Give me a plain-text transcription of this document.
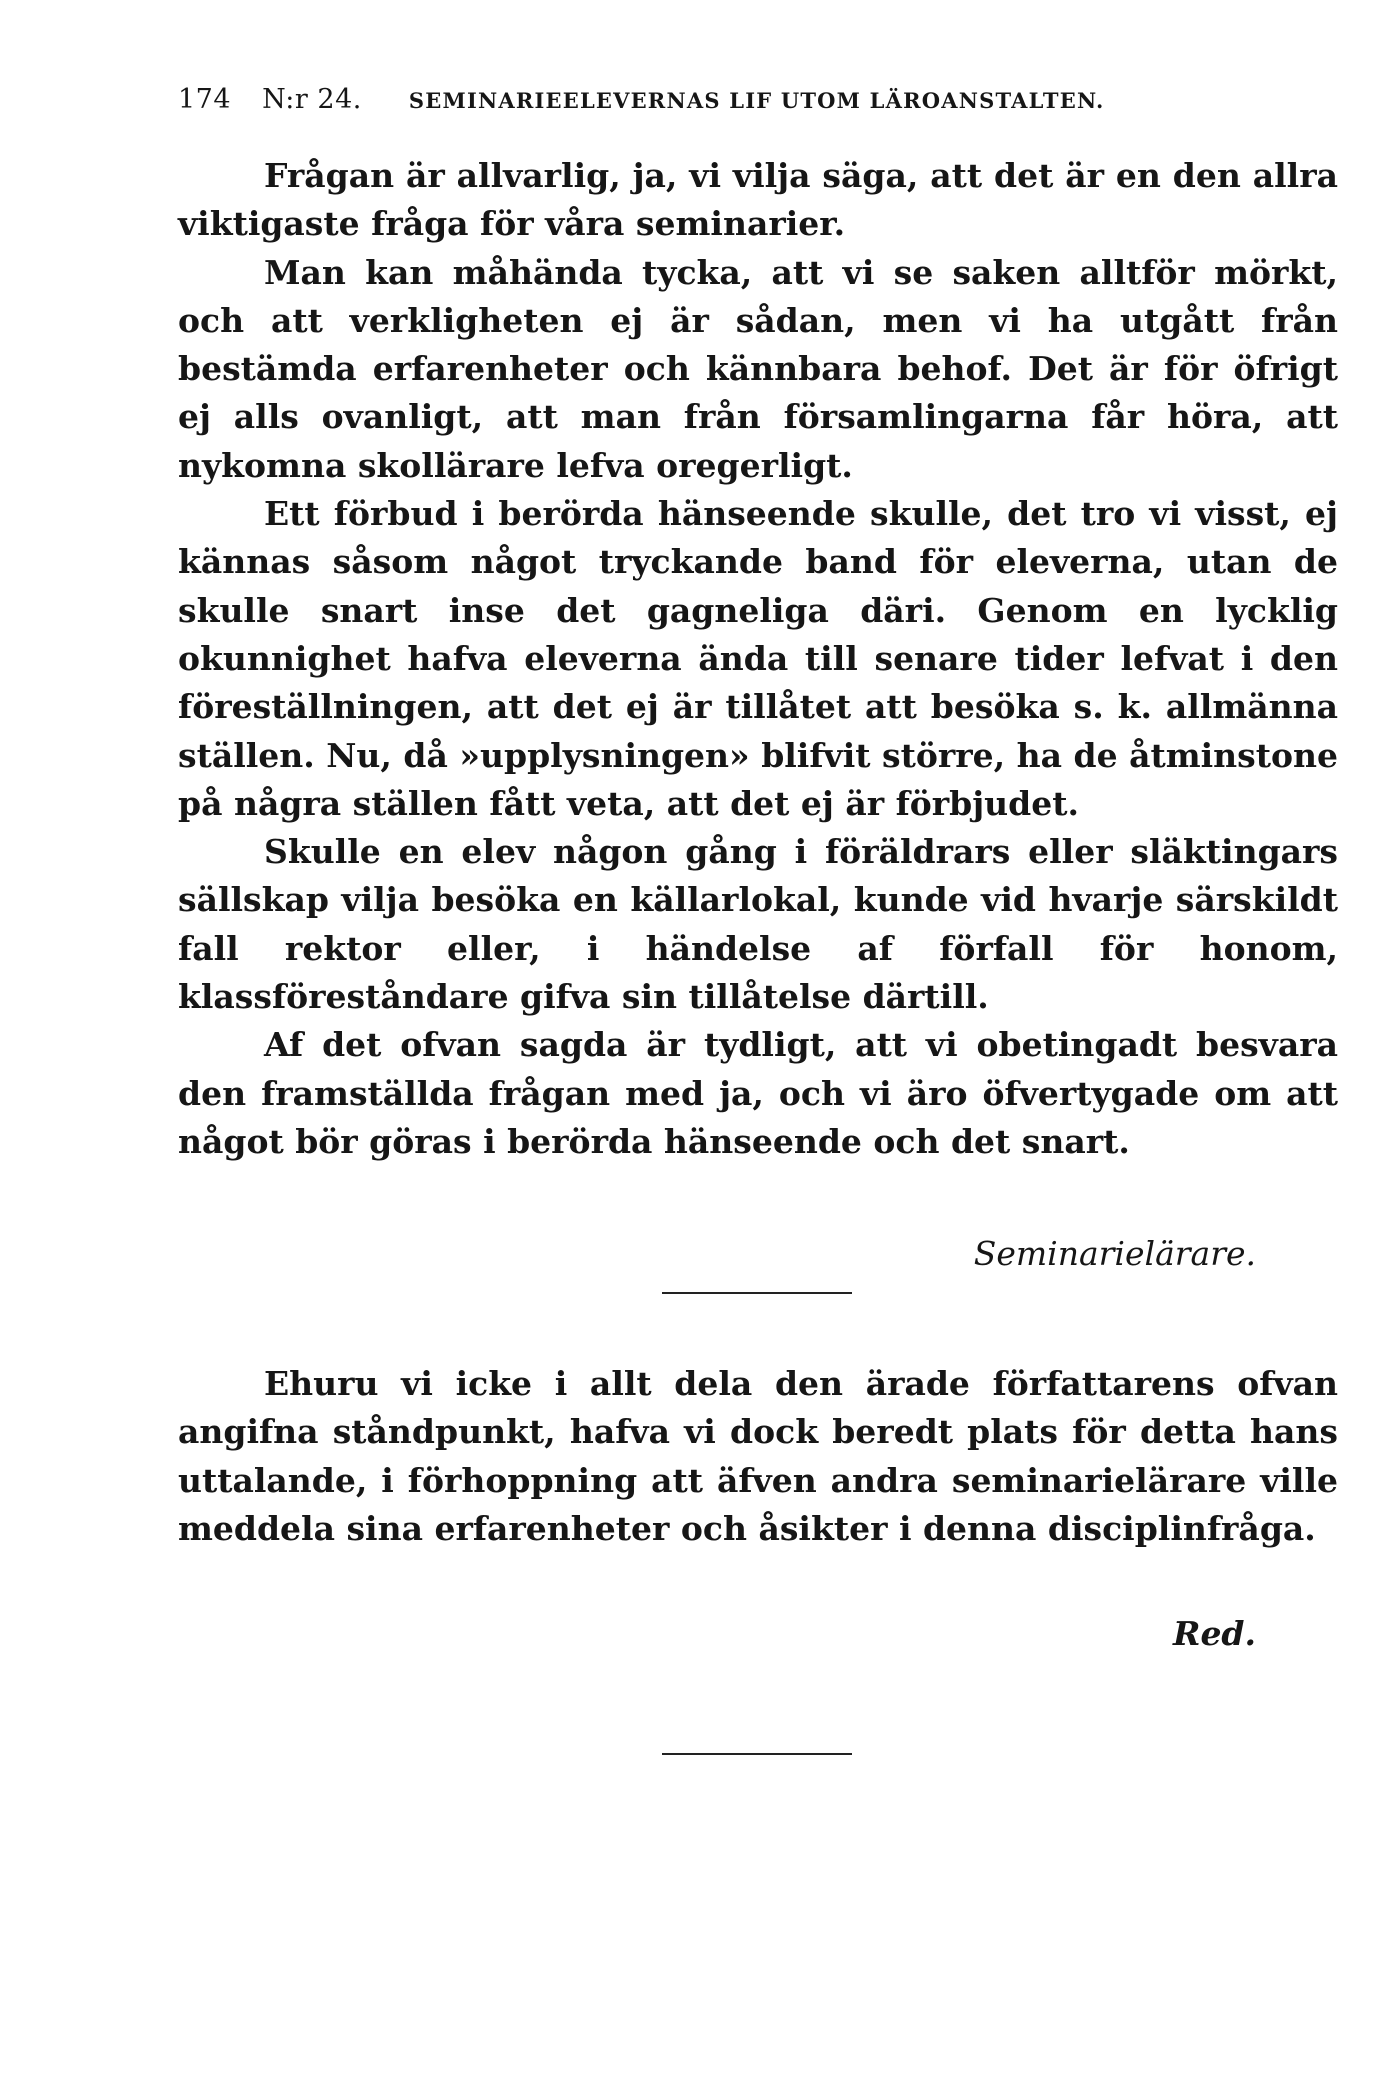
174 N:r 24. SEMINARIEELEVERNAS LIF UTOM LÄROANSTALTEN.

Frågan är allvarlig, ja, vi vilja säga, att det är en den allra viktigaste fråga för våra seminarier.

Man kan måhända tycka, att vi se saken alltför mörkt, och att verkligheten ej är sådan, men vi ha utgått från bestämda erfarenheter och kännbara behof. Det är för öfrigt ej alls ovanligt, att man från församlingarna får höra, att nykomna skollärare lefva oregerligt.

Ett förbud i berörda hänseende skulle, det tro vi visst, ej kännas såsom något tryckande band för eleverna, utan de skulle snart inse det gagneliga däri. Genom en lycklig okunnighet hafva eleverna ända till senare tider lefvat i den föreställningen, att det ej är tillåtet att besöka s. k. allmänna ställen. Nu, då »upplysningen» blifvit större, ha de åtminstone på några ställen fått veta, att det ej är förbjudet.

Skulle en elev någon gång i föräldrars eller släktingars sällskap vilja besöka en källarlokal, kunde vid hvarje särskildt fall rektor eller, i händelse af förfall för honom, klassföreståndare gifva sin tillåtelse därtill.

Af det ofvan sagda är tydligt, att vi obetingadt besvara den framställda frågan med ja, och vi äro öfvertygade om att något bör göras i berörda hänseende och det snart.

Seminarielärare.

Ehuru vi icke i allt dela den ärade författarens ofvan angifna ståndpunkt, hafva vi dock beredt plats för detta hans uttalande, i förhoppning att äfven andra seminarielärare ville meddela sina erfarenheter och åsikter i denna disciplinfråga.

Red.
